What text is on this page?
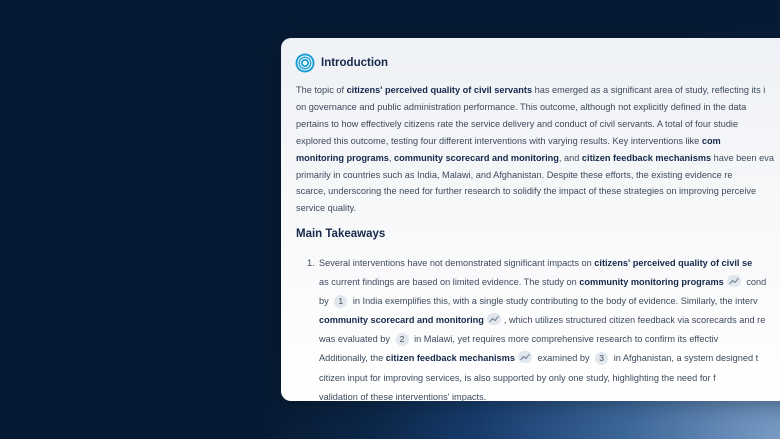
Introduction
The topic of citizens' perceived quality of civil servants has emerged as a significant area of study, reflecting its i
on governance and public administration performance. This outcome, although not explicitly defined in the data
pertains to how effectively citizens rate the service delivery and conduct of civil servants. A total of four studie
explored this outcome, testing four different interventions with varying results. Key interventions like com
monitoring programs, community scorecard and monitoring, and citizen feedback mechanisms have been eva
primarily in countries such as India, Malawi, and Afghanistan. Despite these efforts, the existing evidence re
scarce, underscoring the need for further research to solidify the impact of these strategies on improving perceive
service quality.
Main Takeaways
1. Several interventions have not demonstrated significant impacts on citizens' perceived quality of civil se
as current findings are based on limited evidence. The study on community monitoring programs
cond
by 1 in India exemplifies this, with a single study contributing to the body of evidence. Similarly, the interv
community scorecard and monitoring , which utilizes structured citizen feedback via scorecards and re
was evaluated by 2 in Malawi, yet requires more comprehensive research to confirm its effectiv
Additionally, the citizen feedback mechanisms
examined by 3 in Afghanistan, a system designed t
citizen input for improving services, is also supported by only one study, highlighting the need for f
validation of these interventions' impacts.
